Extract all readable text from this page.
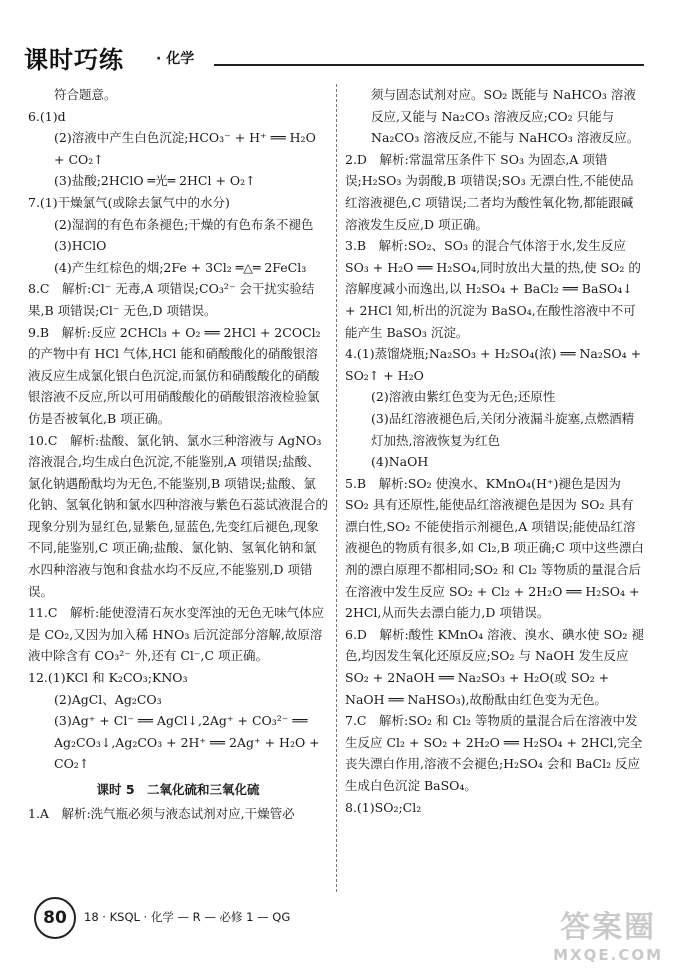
课时巧练 · 化学

符合题意。

6.(1)d

(2)溶液中产生白色沉淀;HCO₃⁻ + H⁺ ══ H₂O + CO₂↑

(3)盐酸;2HClO ═光═ 2HCl + O₂↑

7.(1)干燥氯气(或除去氯气中的水分)

(2)湿润的有色布条褪色;干燥的有色布条不褪色

(3)HClO

(4)产生红棕色的烟;2Fe + 3Cl₂ ═△═ 2FeCl₃

8.C　解析:Cl⁻ 无毒,A 项错误;CO₃²⁻ 会干扰实验结果,B 项错误;Cl⁻ 无色,D 项错误。

9.B　解析:反应 2CHCl₃ + O₂ ══ 2HCl + 2COCl₂ 的产物中有 HCl 气体,HCl 能和硝酸酸化的硝酸银溶液反应生成氯化银白色沉淀,而氯仿和硝酸酸化的硝酸银溶液不反应,所以可用硝酸酸化的硝酸银溶液检验氯仿是否被氧化,B 项正确。

10.C　解析:盐酸、氯化钠、氯水三种溶液与 AgNO₃ 溶液混合,均生成白色沉淀,不能鉴别,A 项错误;盐酸、氯化钠遇酚酞均为无色,不能鉴别,B 项错误;盐酸、氯化钠、氢氧化钠和氯水四种溶液与紫色石蕊试液混合的现象分别为显红色,显紫色,显蓝色,先变红后褪色,现象不同,能鉴别,C 项正确;盐酸、氯化钠、氢氧化钠和氯水四种溶液与饱和食盐水均不反应,不能鉴别,D 项错误。

11.C　解析:能使澄清石灰水变浑浊的无色无味气体应是 CO₂,又因为加入稀 HNO₃ 后沉淀部分溶解,故原溶液中除含有 CO₃²⁻ 外,还有 Cl⁻,C 项正确。

12.(1)KCl 和 K₂CO₃;KNO₃

(2)AgCl、Ag₂CO₃

(3)Ag⁺ + Cl⁻ ══ AgCl↓,2Ag⁺ + CO₃²⁻ ══ Ag₂CO₃↓,Ag₂CO₃ + 2H⁺ ══ 2Ag⁺ + H₂O + CO₂↑

课时 5　二氧化硫和三氧化硫

1.A　解析:洗气瓶必须与液态试剂对应,干燥管必

须与固态试剂对应。SO₂ 既能与 NaHCO₃ 溶液反应,又能与 Na₂CO₃ 溶液反应;CO₂ 只能与 Na₂CO₃ 溶液反应,不能与 NaHCO₃ 溶液反应。

2.D　解析:常温常压条件下 SO₃ 为固态,A 项错误;H₂SO₃ 为弱酸,B 项错误;SO₃ 无漂白性,不能使品红溶液褪色,C 项错误;二者均为酸性氧化物,都能跟碱溶液发生反应,D 项正确。

3.B　解析:SO₂、SO₃ 的混合气体溶于水,发生反应 SO₃ + H₂O ══ H₂SO₄,同时放出大量的热,使 SO₂ 的溶解度减小而逸出,以 H₂SO₄ + BaCl₂ ══ BaSO₄↓ + 2HCl 知,析出的沉淀为 BaSO₄,在酸性溶液中不可能产生 BaSO₃ 沉淀。

4.(1)蒸馏烧瓶;Na₂SO₃ + H₂SO₄(浓) ══ Na₂SO₄ + SO₂↑ + H₂O

(2)溶液由紫红色变为无色;还原性

(3)品红溶液褪色后,关闭分液漏斗旋塞,点燃酒精灯加热,溶液恢复为红色

(4)NaOH

5.B　解析:SO₂ 使溴水、KMnO₄(H⁺)褪色是因为 SO₂ 具有还原性,能使品红溶液褪色是因为 SO₂ 具有漂白性,SO₂ 不能使指示剂褪色,A 项错误;能使品红溶液褪色的物质有很多,如 Cl₂,B 项正确;C 项中这些漂白剂的漂白原理不都相同;SO₂ 和 Cl₂ 等物质的量混合后在溶液中发生反应 SO₂ + Cl₂ + 2H₂O ══ H₂SO₄ + 2HCl,从而失去漂白能力,D 项错误。

6.D　解析:酸性 KMnO₄ 溶液、溴水、碘水使 SO₂ 褪色,均因发生氧化还原反应;SO₂ 与 NaOH 发生反应 SO₂ + 2NaOH ══ Na₂SO₃ + H₂O(或 SO₂ + NaOH ══ NaHSO₃),故酚酞由红色变为无色。

7.C　解析:SO₂ 和 Cl₂ 等物质的量混合后在溶液中发生反应 Cl₂ + SO₂ + 2H₂O ══ H₂SO₄ + 2HCl,完全丧失漂白作用,溶液不会褪色;H₂SO₄ 会和 BaCl₂ 反应生成白色沉淀 BaSO₄。

8.(1)SO₂;Cl₂

80	18 · KSQL · 化学 — R — 必修 1 — QG	答案圈
MXQE.COM
